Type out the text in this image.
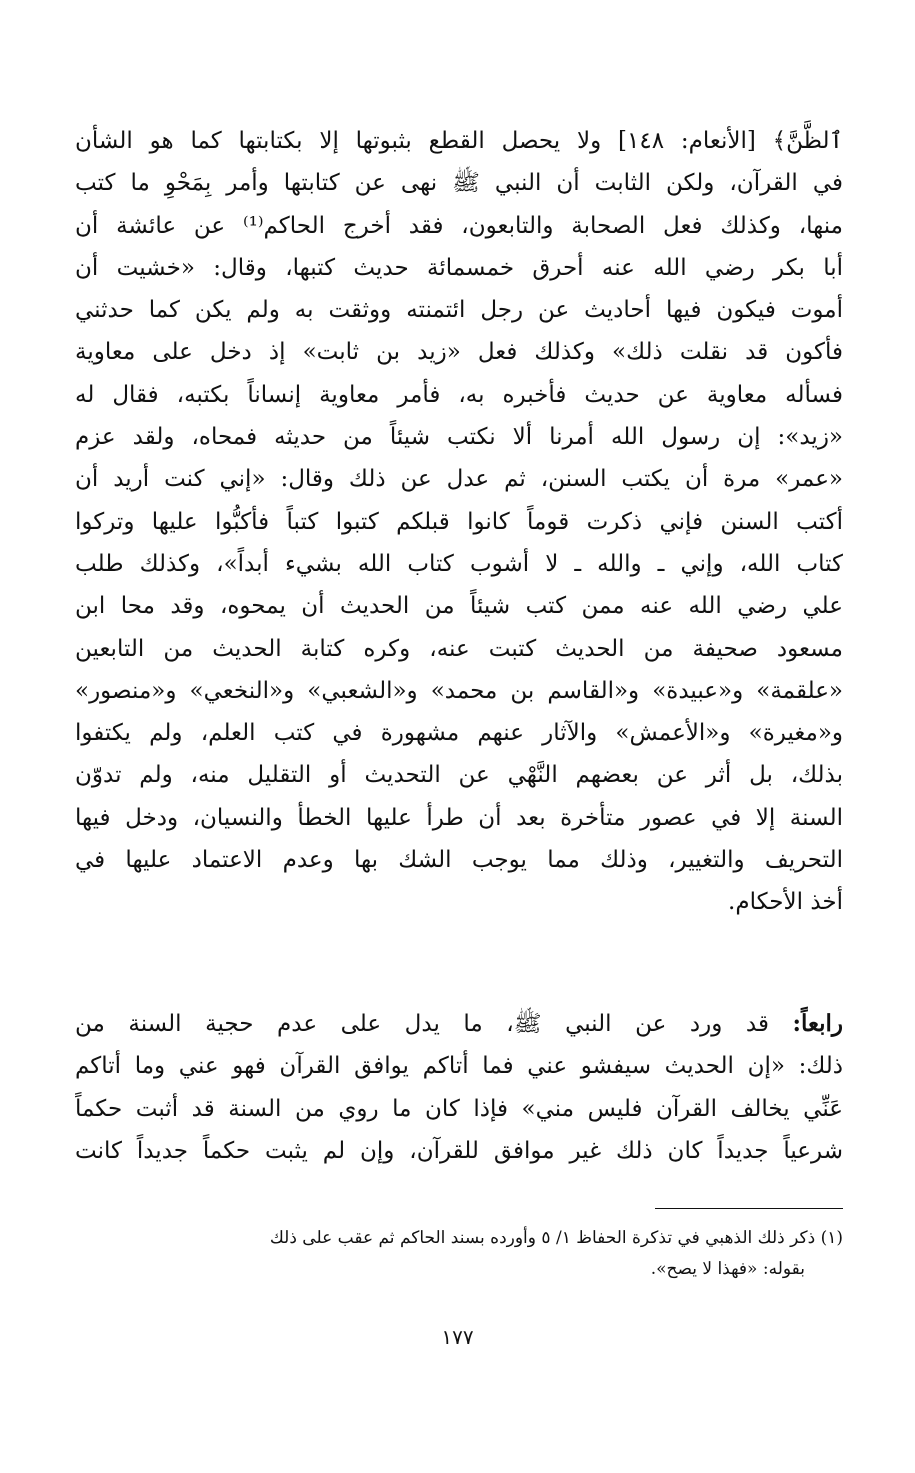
ٱلظَّنَّ﴾ [الأنعام: ١٤٨] ولا يحصل القطع بثبوتها إلا بكتابتها كما هو الشأن
في القرآن، ولكن الثابت أن النبي ﷺ نهى عن كتابتها وأمر بِمَحْوِ ما كتب
منها، وكذلك فعل الصحابة والتابعون، فقد أخرج الحاكم⁽¹⁾ عن عائشة أن
أبا بكر رضي الله عنه أحرق خمسمائة حديث كتبها، وقال: «خشيت أن
أموت فيكون فيها أحاديث عن رجل ائتمنته ووثقت به ولم يكن كما حدثني
فأكون قد نقلت ذلك» وكذلك فعل «زيد بن ثابت» إذ دخل على معاوية
فسأله معاوية عن حديث فأخبره به، فأمر معاوية إنساناً بكتبه، فقال له
«زيد»: إن رسول الله أمرنا ألا نكتب شيئاً من حديثه فمحاه، ولقد عزم
«عمر» مرة أن يكتب السنن، ثم عدل عن ذلك وقال: «إني كنت أريد أن
أكتب السنن فإني ذكرت قوماً كانوا قبلكم كتبوا كتباً فأكبُّوا عليها وتركوا
كتاب الله، وإني ـ والله ـ لا أشوب كتاب الله بشيء أبداً»، وكذلك طلب
علي رضي الله عنه ممن كتب شيئاً من الحديث أن يمحوه، وقد محا ابن
مسعود صحيفة من الحديث كتبت عنه، وكره كتابة الحديث من التابعين
«علقمة» و«عبيدة» و«القاسم بن محمد» و«الشعبي» و«النخعي» و«منصور»
و«مغيرة» و«الأعمش» والآثار عنهم مشهورة في كتب العلم، ولم يكتفوا
بذلك، بل أثر عن بعضهم النَّهْي عن التحديث أو التقليل منه، ولم تدوّن
السنة إلا في عصور متأخرة بعد أن طرأ عليها الخطأ والنسيان، ودخل فيها
التحريف والتغيير، وذلك مما يوجب الشك بها وعدم الاعتماد عليها في
أخذ الأحكام.
رابعاً: قد ورد عن النبي ﷺ، ما يدل على عدم حجية السنة من
ذلك: «إن الحديث سيفشو عني فما أتاكم يوافق القرآن فهو عني وما أتاكم
عَنِّي يخالف القرآن فليس مني» فإذا كان ما روي من السنة قد أثبت حكماً
شرعياً جديداً كان ذلك غير موافق للقرآن، وإن لم يثبت حكماً جديداً كانت
(١) ذكر ذلك الذهبي في تذكرة الحفاظ ١/ ٥ وأورده بسند الحاكم ثم عقب على ذلك
بقوله: «فهذا لا يصح».
١٧٧
